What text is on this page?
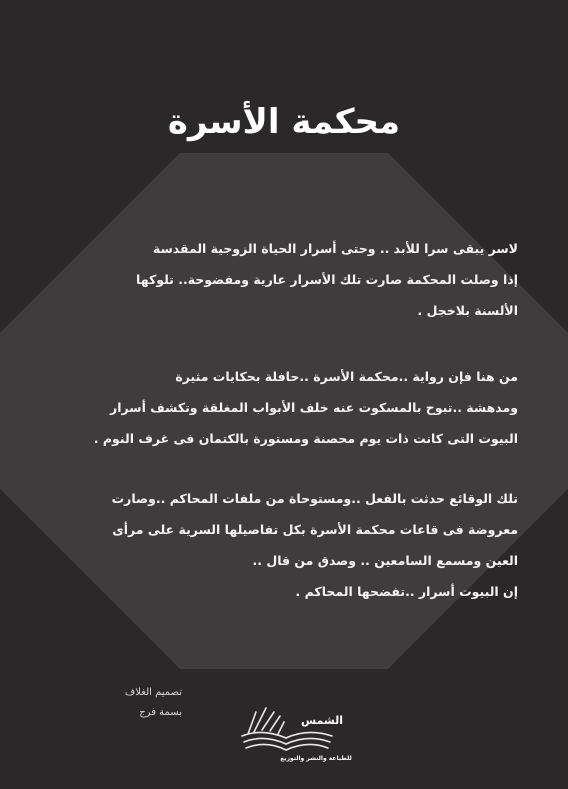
محكمة الأسرة
لاسر يبقى سرا للأبد .. وحتى أسرار الحياة الزوجية المقدسة
إذا وصلت المحكمة صارت تلك الأسرار عارية ومفضوحة.. تلوكها
الألسنة بلاخجل .
من هنا فإن رواية ..محكمة الأسرة ..حافلة بحكايات مثيرة
ومدهشة ..تبوح بالمسكوت عنه خلف الأبواب المغلقة وتكشف أسرار
البيوت التى كانت ذات يوم محصنة ومستورة بالكتمان فى غرف النوم .
تلك الوقائع حدثت بالفعل ..ومستوحاة من ملفات المحاكم ..وصارت
معروضة فى قاعات محكمة الأسرة بكل تفاصيلها السرية على مرأى
العين ومسمع السامعين .. وصدق من قال ..
إن البيوت أسرار ..تفضحها المحاكم .
تصميم الغلاف
بسمة فرج
الشمس
للطباعة والنشر والتوزيع
